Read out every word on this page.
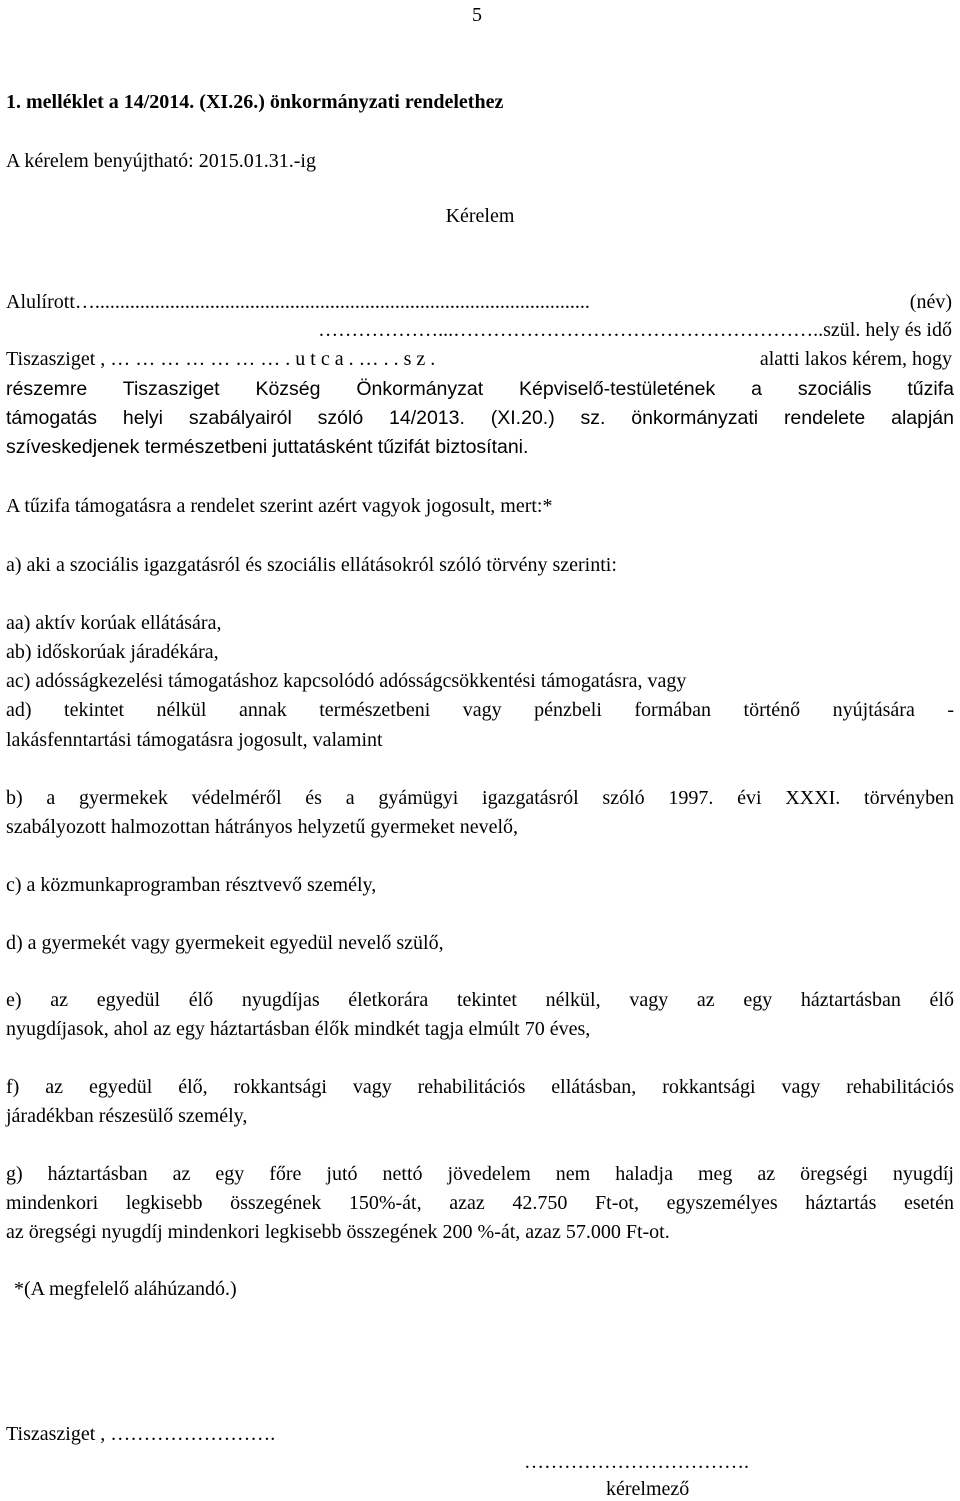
5
1. melléklet a 14/2014. (XI.26.) önkormányzati rendelethez
A kérelem benyújtható: 2015.01.31.-ig
Kérelem
Alulírott…...................................................................................................	(név)
………………...………………………………………………..szül. hely és idő
Tiszasziget , … … … … … … … . u t c a . … . . s z .	alatti lakos kérem, hogy
részemre Tiszasziget Község Önkormányzat Képviselő-testületének a szociális tűzifa
támogatás helyi szabályairól szóló 14/2013. (XI.20.) sz. önkormányzati rendelete alapján
szíveskedjenek természetbeni juttatásként tűzifát biztosítani.
A tűzifa támogatásra a rendelet szerint azért vagyok jogosult, mert:*
a) aki a szociális igazgatásról és szociális ellátásokról szóló törvény szerinti:
aa) aktív korúak ellátására,
ab) időskorúak járadékára,
ac) adósságkezelési támogatáshoz kapcsolódó adósságcsökkentési támogatásra, vagy
ad) tekintet nélkül annak természetbeni vagy pénzbeli formában történő nyújtására -
lakásfenntartási támogatásra jogosult, valamint
b) a gyermekek védelméről és a gyámügyi igazgatásról szóló 1997. évi XXXI. törvényben
szabályozott halmozottan hátrányos helyzetű gyermeket nevelő,
c) a közmunkaprogramban résztvevő személy,
d) a gyermekét vagy gyermekeit egyedül nevelő szülő,
e) az egyedül élő nyugdíjas életkorára tekintet nélkül, vagy az egy háztartásban élő
nyugdíjasok, ahol az egy háztartásban élők mindkét tagja elmúlt 70 éves,
f) az egyedül élő, rokkantsági vagy rehabilitációs ellátásban, rokkantsági vagy rehabilitációs
járadékban részesülő személy,
g) háztartásban az egy főre jutó nettó jövedelem nem haladja meg az öregségi nyugdíj
mindenkori legkisebb összegének 150%-át, azaz 42.750 Ft-ot, egyszemélyes háztartás esetén
az öregségi nyugdíj mindenkori legkisebb összegének 200 %-át, azaz 57.000 Ft-ot.
*(A megfelelő aláhúzandó.)
Tiszasziget , …………………….
…………………………….
kérelmező
